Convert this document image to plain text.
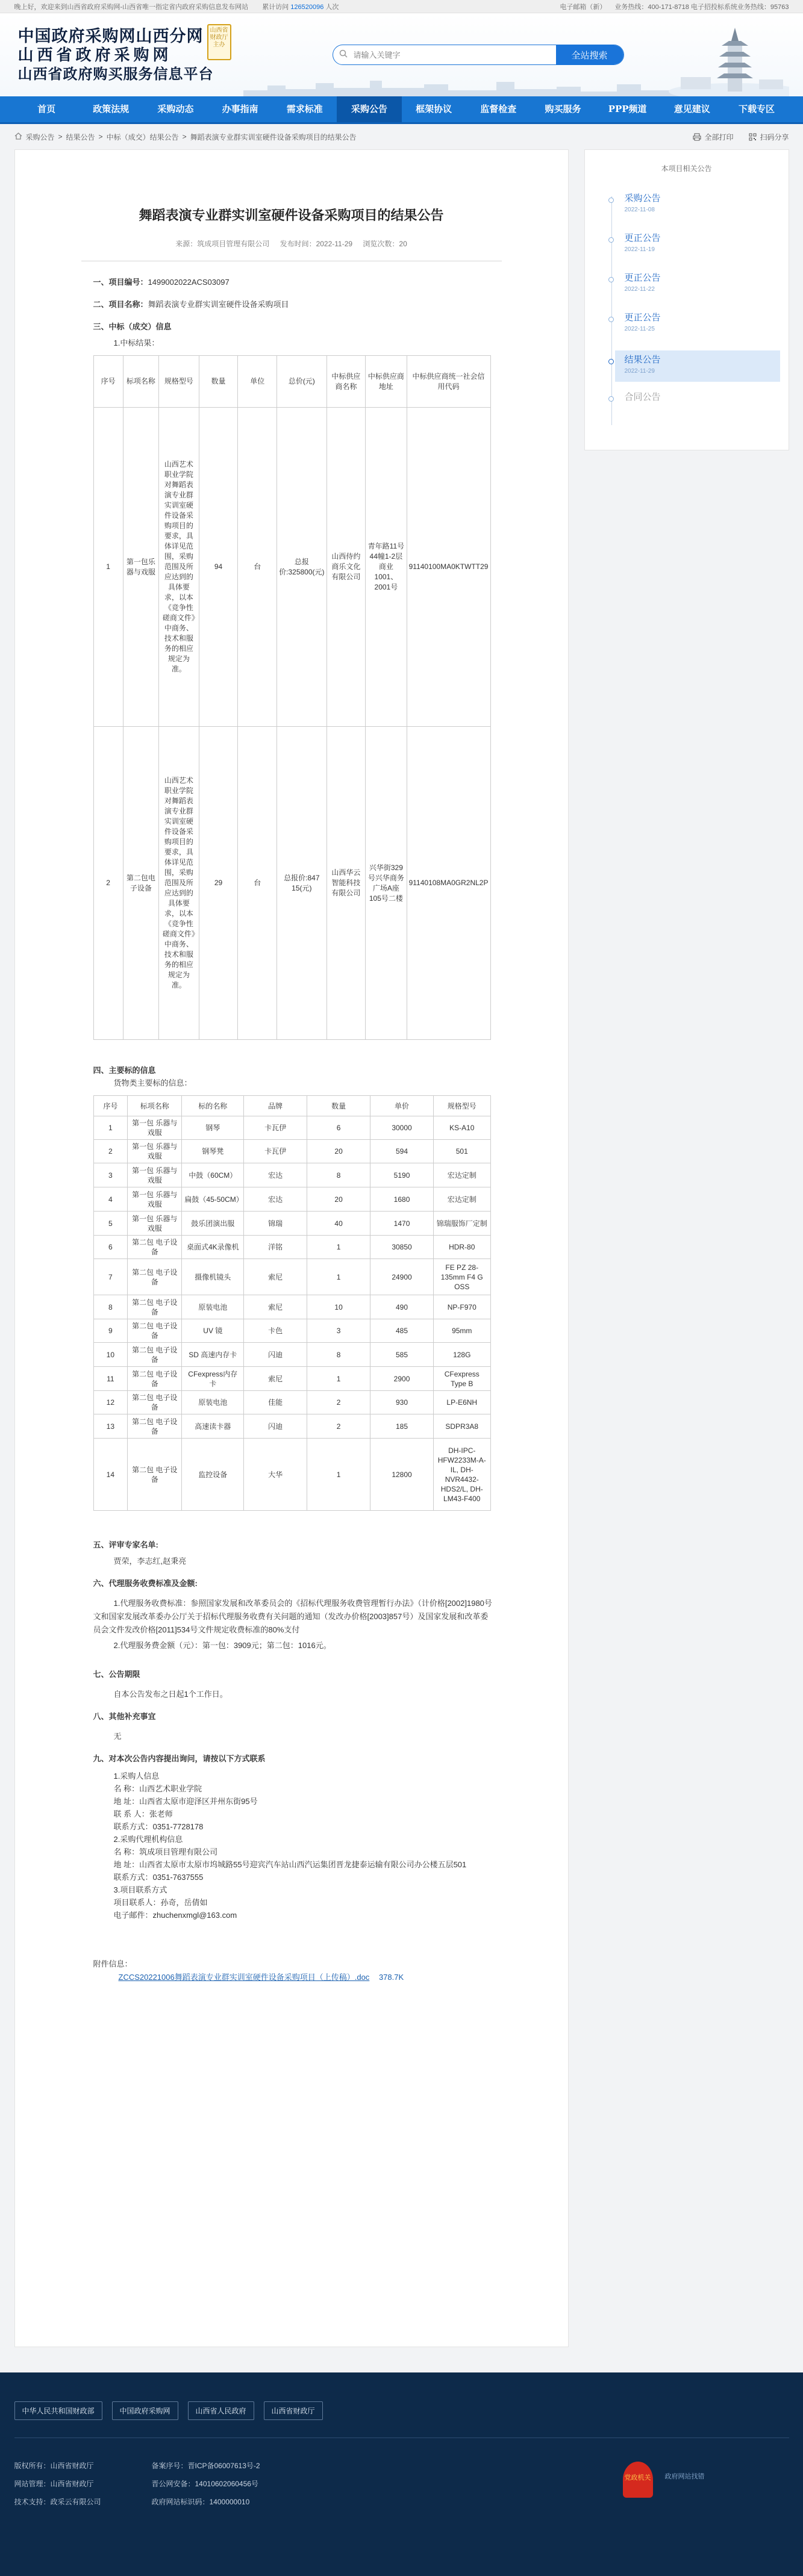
晚上好，欢迎来到山西省政府采购网-山西省唯一指定省内政府采购信息发布网站 累计访问 126520096 人次	电子邮箱（新） 业务热线：400-171-8718 电子招投标系统业务热线：95763
中国政府采购网山西分网
山西省政府采购网
山西省政府购买服务信息平台
山西省财政厅主办
请输入关键字
全站搜索
首页	政策法规	采购动态	办事指南	需求标准	采购公告	框架协议	监督检查	购买服务	PPP频道	意见建议	下载专区
采购公告 > 结果公告 > 中标（成交）结果公告 > 舞蹈表演专业群实训室硬件设备采购项目的结果公告	全部打印	扫码分享
舞蹈表演专业群实训室硬件设备采购项目的结果公告
来源：筑成项目管理有限公司 发布时间：2022-11-29 浏览次数：20
一、项目编号：1499002022ACS03097
二、项目名称：舞蹈表演专业群实训室硬件设备采购项目
三、中标（成交）信息
1.中标结果：
序号	标项名称	规格型号	数量	单位	总价(元)	中标供应商名称	中标供应商地址	中标供应商统一社会信用代码
1	第一包乐器与戏服	山西艺术职业学院对舞蹈表演专业群实训室硬件设备采购项目的要求，具体详见范围，采购范围及所应达到的具体要求，以本《竞争性磋商文件》中商务、技术和服务的相应规定为准。	94	台	总报价:325800(元)	山西侍约商乐文化有限公司	青年路11号44幢1-2层商业1001、2001号	91140100MA0KTWTT29
2	第二包电子设备	山西艺术职业学院对舞蹈表演专业群实训室硬件设备采购项目的要求，具体详见范围，采购范围及所应达到的具体要求，以本《竞争性磋商文件》中商务、技术和服务的相应规定为准。	29	台	总报价:847 15(元)	山西华云智能科技有限公司	兴华街329号兴华商务广场A座105号二楼	91140108MA0GR2NL2P
四、主要标的信息
货物类主要标的信息：
序号	标项名称	标的名称	品牌	数量	单价	规格型号
1	第一包 乐器与戏服	钢琴	卡瓦伊	6	30000	KS-A10
2	第一包 乐器与戏服	钢琴凳	卡瓦伊	20	594	501
3	第一包 乐器与戏服	中鼓（60CM）	宏达	8	5190	宏达定制
4	第一包 乐器与戏服	扁鼓（45-50CM）	宏达	20	1680	宏达定制
5	第一包 乐器与戏服	鼓乐团演出服	锦瑞	40	1470	锦瑞服饰厂定制
6	第二包 电子设备	桌面式4K录像机	洋铭	1	30850	HDR-80
7	第二包 电子设备	摄像机镜头	索尼	1	24900	FE PZ 28-135mm F4 G OSS
8	第二包 电子设备	原装电池	索尼	10	490	NP-F970
9	第二包 电子设备	UV 镜	卡色	3	485	95mm
10	第二包 电子设备	SD 高速内存卡	闪迪	8	585	128G
11	第二包 电子设备	CFexpress内存卡	索尼	1	2900	CFexpress Type B
12	第二包 电子设备	原装电池	佳能	2	930	LP-E6NH
13	第二包 电子设备	高速读卡器	闪迪	2	185	SDPR3A8
14	第二包 电子设备	监控设备	大华	1	12800	DH-IPC-HFW2233M-A-IL, DH-NVR4432-HDS2/L, DH-LM43-F400
五、评审专家名单:
贾荣，李志红,赵秉亮
六、代理服务收费标准及金额:
1.代理服务收费标准：参照国家发展和改革委员会的《招标代理服务收费管理暂行办法》（计价格[2002]1980号文和国家发展改革委办公厅关于招标代理服务收费有关问题的通知（发改办价格[2003]857号）及国家发展和改革委员会文件发改价格[2011]534号文件规定收费标准的80%支付
2.代理服务费金额（元）：第一包：3909元；第二包：1016元。
七、公告期限
自本公告发布之日起1个工作日。
八、其他补充事宜
无
九、对本次公告内容提出询问，请按以下方式联系
1.采购人信息
名 称：山西艺术职业学院
地 址：山西省太原市迎泽区并州东街95号
联 系 人：张老师
联系方式：0351-7728178
2.采购代理机构信息
名 称：筑成项目管理有限公司
地 址：山西省太原市太原市坞城路55号迎宾汽车站山西汽运集团晋龙捷泰运输有限公司办公楼五层501
联系方式：0351-7637555
3.项目联系方式
项目联系人：孙奇，岳倩如
电子邮件：zhuchenxmgl@163.com
附件信息：
ZCCS20221006舞蹈表演专业群实训室硬件设备采购项目（上传稿）.doc 378.7K
本项目相关公告
采购公告
2022-11-08
更正公告
2022-11-19
更正公告
2022-11-22
更正公告
2022-11-25
结果公告
2022-11-29
合同公告
中华人民共和国财政部	中国政府采购网	山西省人民政府	山西省财政厅
版权所有：山西省财政厅	备案序号：晋ICP备06007613号-2
网站管理：山西省财政厅	晋公网安备：14010602060456号
技术支持：政采云有限公司	政府网站标识码：1400000010
党政机关 政府网站找错
